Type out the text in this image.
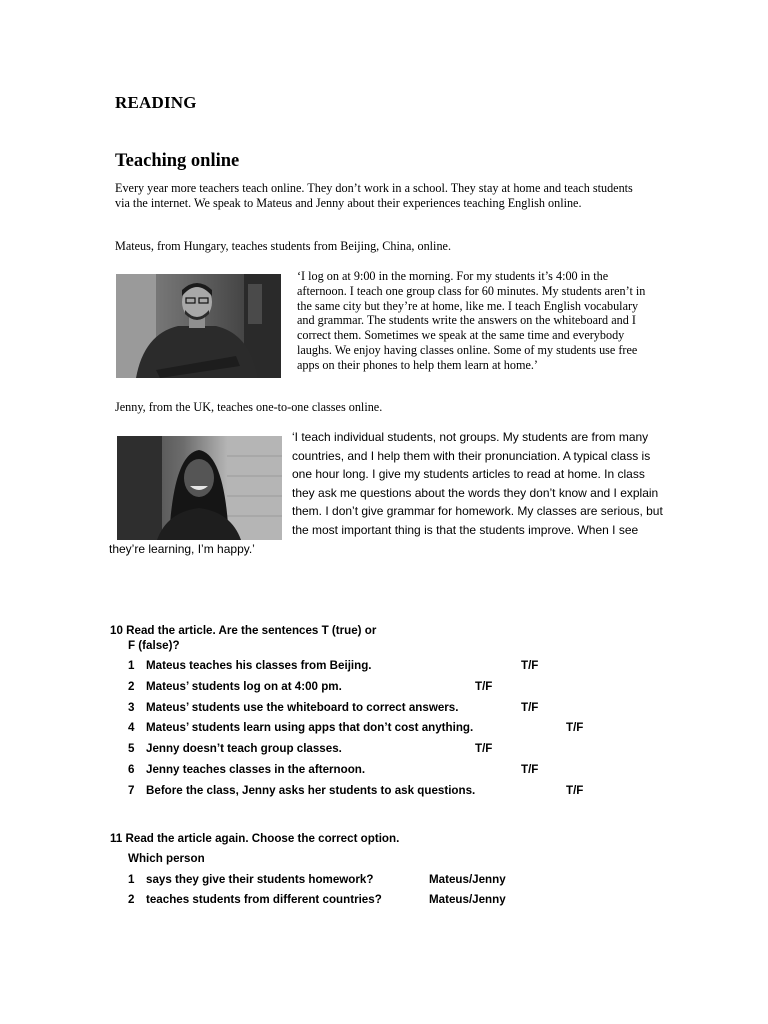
READING
Teaching online
Every year more teachers teach online. They don’t work in a school. They stay at home and teach students via the internet. We speak to Mateus and Jenny about their experiences teaching English online.
Mateus, from Hungary, teaches students from Beijing, China, online.
‘I log on at 9:00 in the morning. For my students it’s 4:00 in the afternoon. I teach one group class for 60 minutes. My students aren’t in the same city but they’re at home, like me. I teach English vocabulary and grammar. The students write the answers on the whiteboard and I correct them. Sometimes we speak at the same time and everybody laughs. We enjoy having classes online. Some of my students use free apps on their phones to help them learn at home.’
Jenny, from the UK, teaches one-to-one classes online.
‘I teach individual students, not groups. My students are from many countries, and I help them with their pronunciation. A typical class is one hour long. I give my students articles to read at home. In class they ask me questions about the words they don’t know and I explain them. I don’t give grammar for homework. My classes are serious, but the most important thing is that the students improve. When I see they’re learning, I’m happy.’
10 Read the article. Are the sentences T (true) or
F (false)?
1 Mateus teaches his classes from Beijing.	T/F
2 Mateus’ students log on at 4:00 pm.	T/F
3 Mateus’ students use the whiteboard to correct answers.	T/F
4 Mateus’ students learn using apps that don’t cost anything.	T/F
5 Jenny doesn’t teach group classes.	T/F
6 Jenny teaches classes in the afternoon.	T/F
7 Before the class, Jenny asks her students to ask questions.	T/F
11 Read the article again. Choose the correct option.
Which person
1 says they give their students homework?	Mateus/Jenny
2 teaches students from different countries?	Mateus/Jenny
